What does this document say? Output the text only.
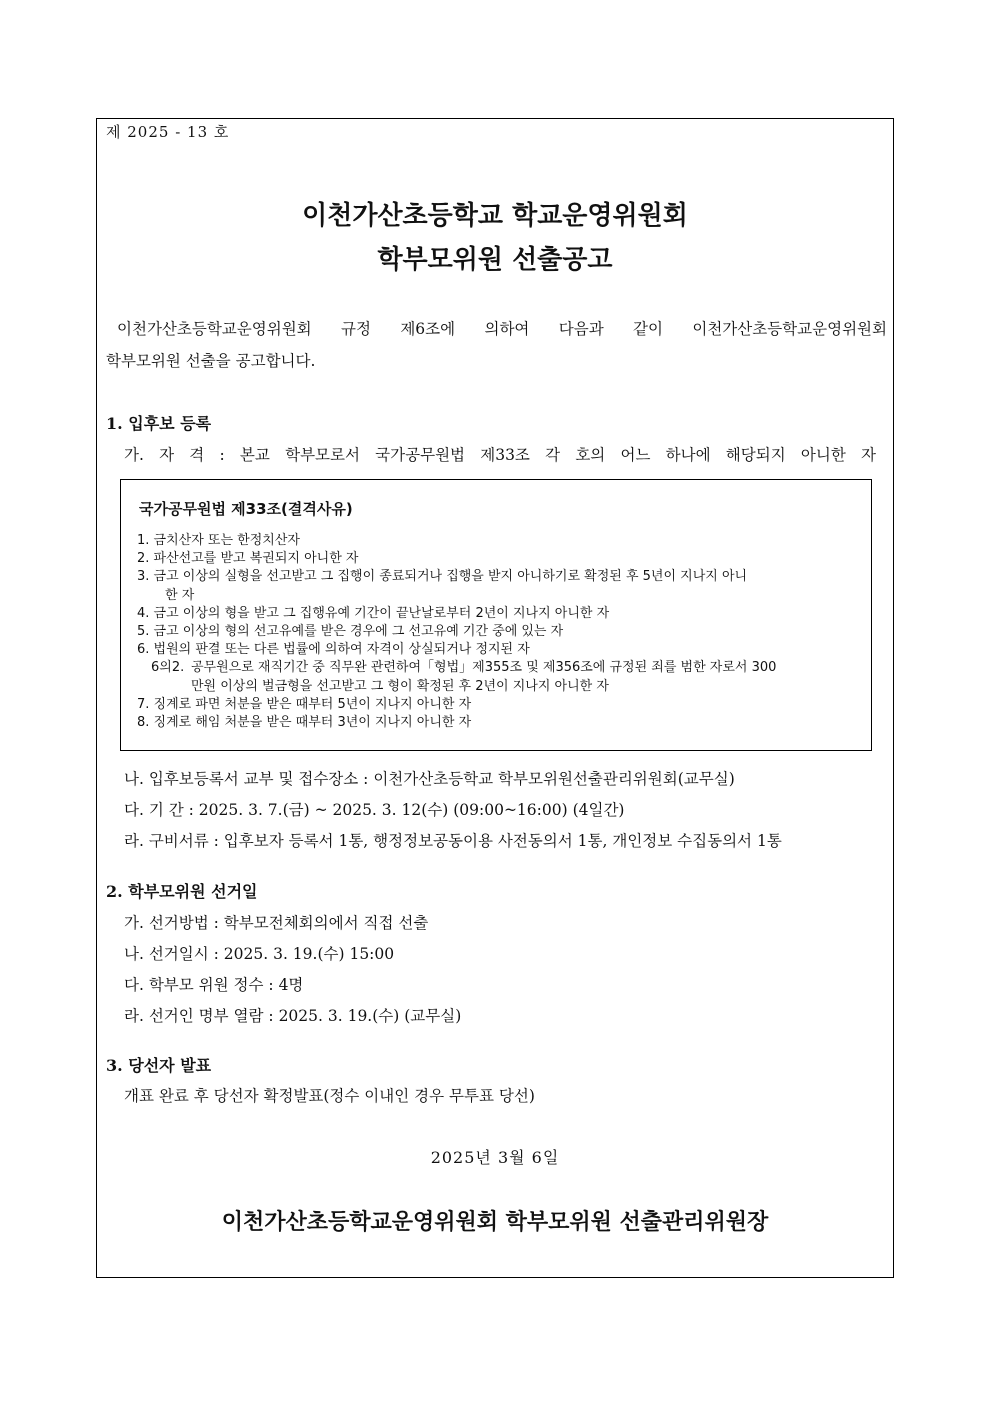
제 2025 - 13 호
이천가산초등학교 학교운영위원회
학부모위원 선출공고
이천가산초등학교운영위원회 규정 제6조에 의하여 다음과 같이 이천가산초등학교운영위원회
학부모위원 선출을 공고합니다.
1. 입후보 등록
가. 자 격 : 본교 학부모로서 국가공무원법 제33조 각 호의 어느 하나에 해당되지 아니한 자
국가공무원법 제33조(결격사유)
1.
금치산자 또는 한정치산자
2.
파산선고를 받고 복권되지 아니한 자
3.
금고 이상의 실형을 선고받고 그 집행이 종료되거나 집행을 받지 아니하기로 확정된 후 5년이 지나지 아니
한 자
4.
금고 이상의 형을 받고 그 집행유예 기간이 끝난날로부터 2년이 지나지 아니한 자
5.
금고 이상의 형의 선고유예를 받은 경우에 그 선고유예 기간 중에 있는 자
6.
법원의 판결 또는 다른 법률에 의하여 자격이 상실되거나 정지된 자
6의2. 공무원으로 재직기간 중 직무완 관련하여「형법」제355조 및 제356조에 규정된 죄를 범한 자로서 300
만원 이상의 벌금형을 선고받고 그 형이 확정된 후 2년이 지나지 아니한 자
7.
징계로 파면 처분을 받은 때부터 5년이 지나지 아니한 자
8.
징계로 해임 처분을 받은 때부터 3년이 지나지 아니한 자
나. 입후보등록서 교부 및 접수장소 : 이천가산초등학교 학부모위원선출관리위원회(교무실)
다. 기 간 : 2025. 3. 7.(금) ~ 2025. 3. 12(수) (09:00~16:00) (4일간)
라. 구비서류 : 입후보자 등록서 1통, 행정정보공동이용 사전동의서 1통, 개인정보 수집동의서 1통
2. 학부모위원 선거일
가. 선거방법 : 학부모전체회의에서 직접 선출
나. 선거일시 : 2025. 3. 19.(수) 15:00
다. 학부모 위원 정수 : 4명
라. 선거인 명부 열람 : 2025. 3. 19.(수) (교무실)
3. 당선자 발표
개표 완료 후 당선자 확정발표(정수 이내인 경우 무투표 당선)
2025년 3월 6일
이천가산초등학교운영위원회 학부모위원 선출관리위원장
